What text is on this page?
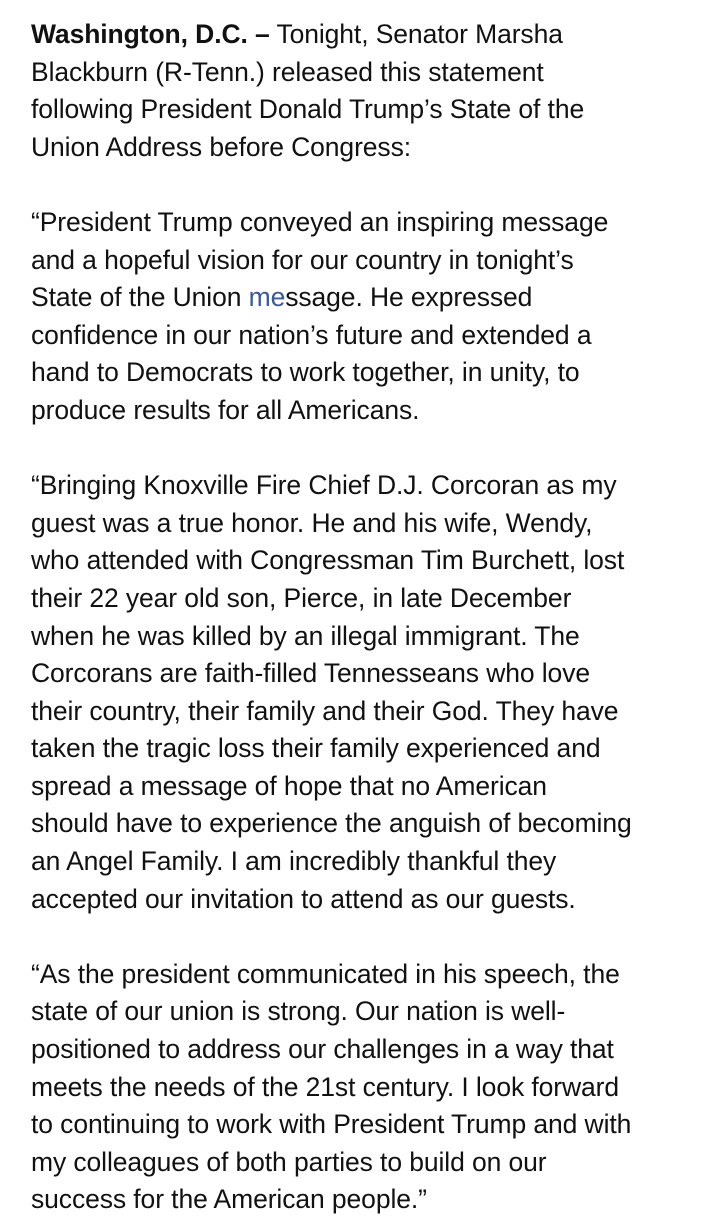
Washington, D.C. – Tonight, Senator Marsha
Blackburn (R-Tenn.) released this statement
following President Donald Trump’s State of the
Union Address before Congress:

“President Trump conveyed an inspiring message
and a hopeful vision for our country in tonight’s
State of the Union message. He expressed
confidence in our nation’s future and extended a
hand to Democrats to work together, in unity, to
produce results for all Americans.

“Bringing Knoxville Fire Chief D.J. Corcoran as my
guest was a true honor. He and his wife, Wendy,
who attended with Congressman Tim Burchett, lost
their 22 year old son, Pierce, in late December
when he was killed by an illegal immigrant. The
Corcorans are faith-filled Tennesseans who love
their country, their family and their God. They have
taken the tragic loss their family experienced and
spread a message of hope that no American
should have to experience the anguish of becoming
an Angel Family. I am incredibly thankful they
accepted our invitation to attend as our guests.

“As the president communicated in his speech, the
state of our union is strong. Our nation is well-
positioned to address our challenges in a way that
meets the needs of the 21st century. I look forward
to continuing to work with President Trump and with
my colleagues of both parties to build on our
success for the American people.”
